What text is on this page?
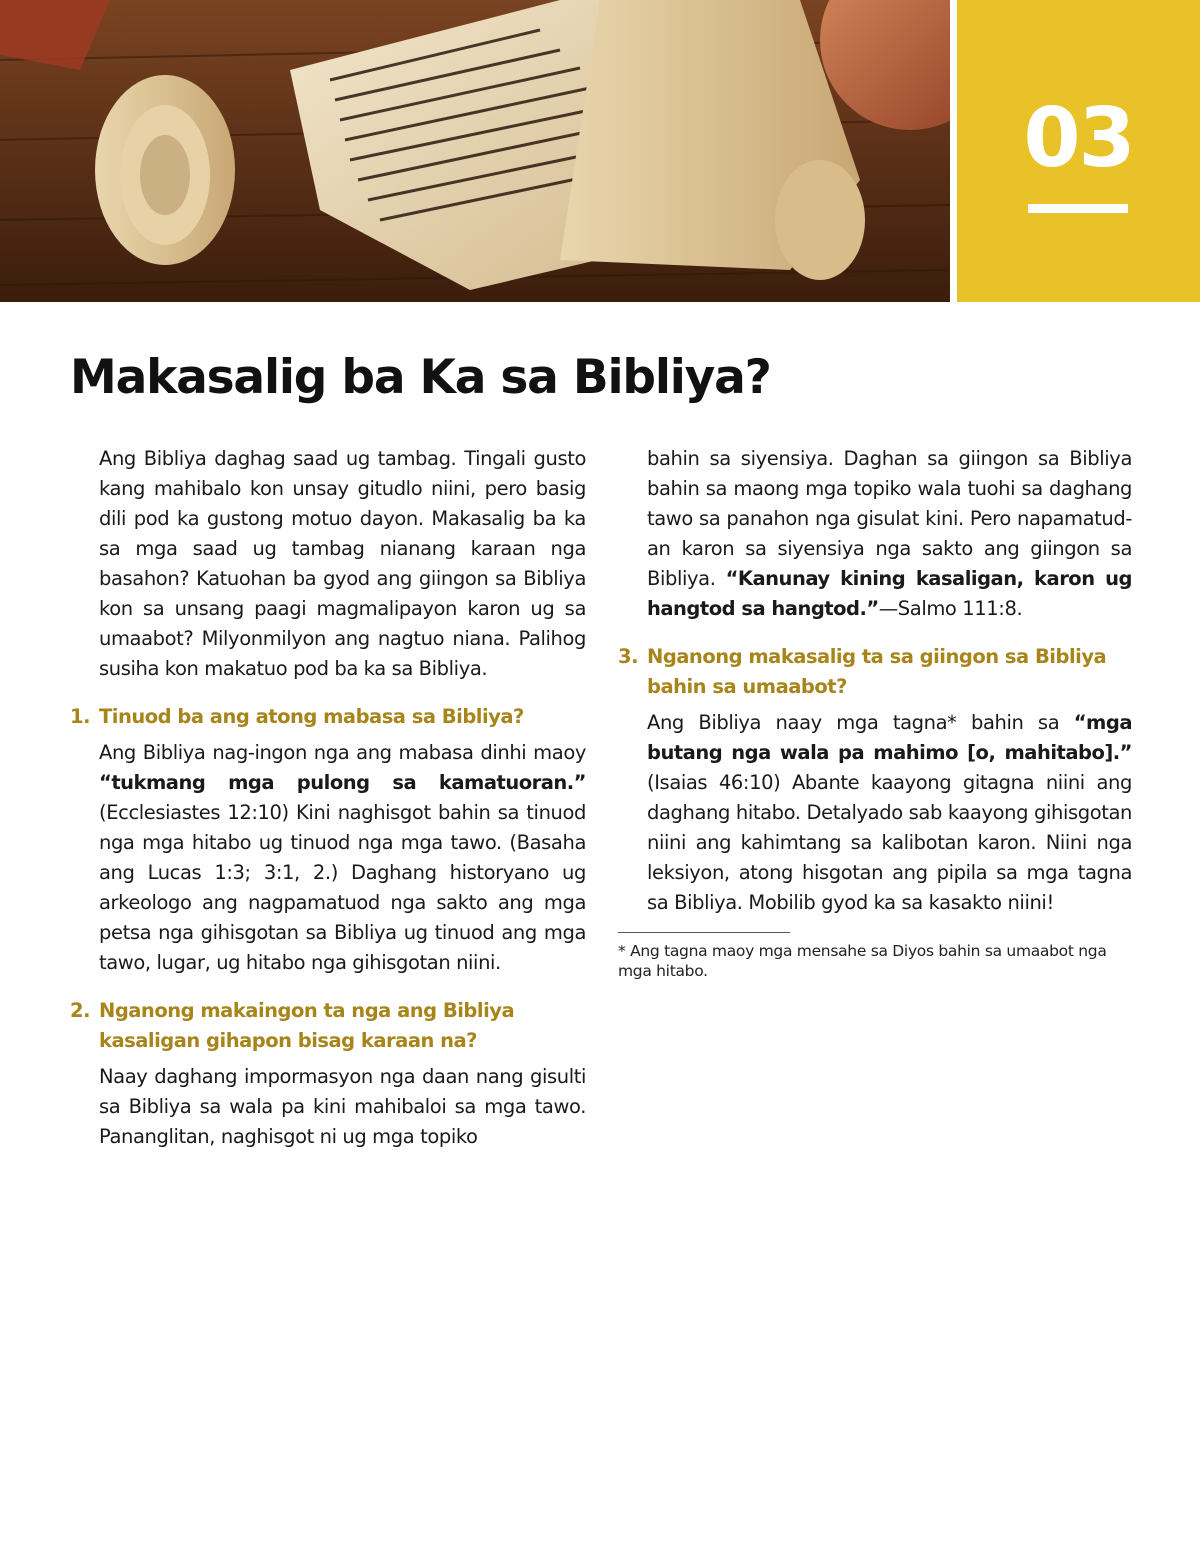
03
Makasalig ba Ka sa Bibliya?

Ang Bibliya daghag saad ug tambag. Tingali gusto kang mahibalo kon unsay gitudlo niini, pero basig dili pod ka gustong motuo dayon. Makasalig ba ka sa mga saad ug tambag nianang karaan nga basahon? Katuohan ba gyod ang giingon sa Bibliya kon sa unsang paagi magmalipayon karon ug sa umaabot? Milyonmilyon ang nagtuo niana. Palihog susiha kon makatuo pod ba ka sa Bibliya.

1. Tinuod ba ang atong mabasa sa Bibliya?

Ang Bibliya nag-ingon nga ang mabasa dinhi maoy “tukmang mga pulong sa kamatuoran.” (Ecclesiastes 12:10) Kini naghisgot bahin sa tinuod nga mga hitabo ug tinuod nga mga tawo. (Basaha ang Lucas 1:3; 3:1, 2.) Daghang historyano ug arkeologo ang nagpamatuod nga sakto ang mga petsa nga gihisgotan sa Bibliya ug tinuod ang mga tawo, lugar, ug hitabo nga gihisgotan niini.

2. Nganong makaingon ta nga ang Bibliya kasaligan gihapon bisag karaan na?

Naay daghang impormasyon nga daan nang gisulti sa Bibliya sa wala pa kini mahibaloi sa mga tawo. Pananglitan, naghisgot ni ug mga topiko

bahin sa siyensiya. Daghan sa giingon sa Bibliya bahin sa maong mga topiko wala tuohi sa daghang tawo sa panahon nga gisulat kini. Pero napamatud-an karon sa siyensiya nga sakto ang giingon sa Bibliya. “Kanunay kining kasaligan, karon ug hangtod sa hangtod.”—Salmo 111:8.

3. Nganong makasalig ta sa giingon sa Bibliya bahin sa umaabot?

Ang Bibliya naay mga tagna* bahin sa “mga butang nga wala pa mahimo [o, mahitabo].” (Isaias 46:10) Abante kaayong gitagna niini ang daghang hitabo. Detalyado sab kaayong gihisgotan niini ang kahimtang sa kalibotan karon. Niini nga leksiyon, atong hisgotan ang pipila sa mga tagna sa Bibliya. Mobilib gyod ka sa kasakto niini!

* Ang tagna maoy mga mensahe sa Diyos bahin sa umaabot nga mga hitabo.
